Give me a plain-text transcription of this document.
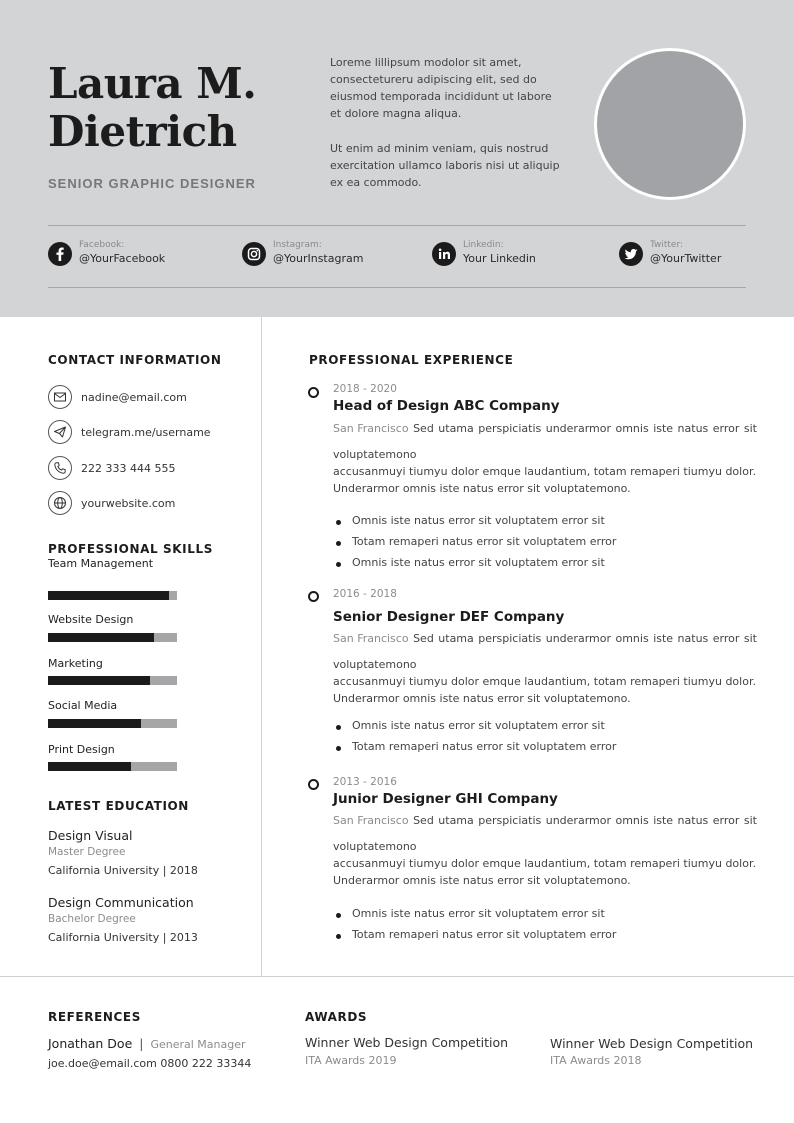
Laura M.
Dietrich
SENIOR GRAPHIC DESIGNER

Loreme lillipsum modolor sit amet, consectetureru adipiscing elit, sed do eiusmod temporada incididunt ut labore et dolore magna aliqua.

Ut enim ad minim veniam, quis nostrud exercitation ullamco laboris nisi ut aliquip ex ea commodo.

Facebook:
@YourFacebook
Instagram:
@YourInstagram
Linkedin:
Your Linkedin
Twitter:
@YourTwitter
CONTACT INFORMATION
nadine@email.com
telegram.me/username
222 333 444 555
yourwebsite.com
PROFESSIONAL SKILLS
Team Management
Website Design
Marketing
Social Media
Print Design
LATEST EDUCATION
Design Visual
Master Degree
California University | 2018
Design Communication
Bachelor Degree
California University | 2013
PROFESSIONAL EXPERIENCE
2018 - 2020
Head of Design ABC Company
San Francisco Sed utama perspiciatis underarmor omnis iste natus error sit
voluptatemono
accusanmuyi tiumyu dolor emque laudantium, totam remaperi tiumyu dolor.
Underarmor omnis iste natus error sit voluptatemono.
Omnis iste natus error sit voluptatem error sit
Totam remaperi natus error sit voluptatem error
Omnis iste natus error sit voluptatem error sit
2016 - 2018
Senior Designer DEF Company
San Francisco Sed utama perspiciatis underarmor omnis iste natus error sit
voluptatemono
accusanmuyi tiumyu dolor emque laudantium, totam remaperi tiumyu dolor.
Underarmor omnis iste natus error sit voluptatemono.
Omnis iste natus error sit voluptatem error sit
Totam remaperi natus error sit voluptatem error
2013 - 2016
Junior Designer GHI Company
San Francisco Sed utama perspiciatis underarmor omnis iste natus error sit
voluptatemono
accusanmuyi tiumyu dolor emque laudantium, totam remaperi tiumyu dolor.
Underarmor omnis iste natus error sit voluptatemono.
Omnis iste natus error sit voluptatem error sit
Totam remaperi natus error sit voluptatem error
REFERENCES
Jonathan Doe | General Manager
joe.doe@email.com 0800 222 33344
AWARDS
Winner Web Design Competition
ITA Awards 2019
Winner Web Design Competition
ITA Awards 2018
